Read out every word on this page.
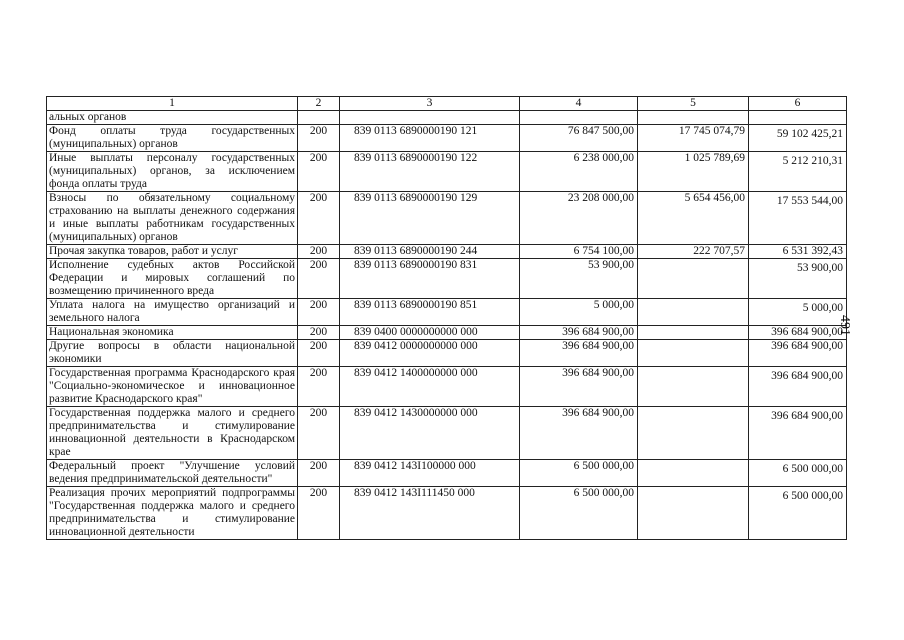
1	2	3	4	5	6
альных органов					
Фонд оплаты труда государственных (муниципальных) органов	200	839 0113 6890000190 121	76 847 500,00	17 745 074,79	59 102 425,21
Иные выплаты персоналу государственных (муниципальных) органов, за исключением фонда оплаты труда	200	839 0113 6890000190 122	6 238 000,00	1 025 789,69	5 212 210,31
Взносы по обязательному социальному страхованию на выплаты денежного содержания и иные выплаты работникам государственных (муниципальных) органов	200	839 0113 6890000190 129	23 208 000,00	5 654 456,00	17 553 544,00
Прочая закупка товаров, работ и услуг	200	839 0113 6890000190 244	6 754 100,00	222 707,57	6 531 392,43
Исполнение судебных актов Российской Федерации и мировых соглашений по возмещению причиненного вреда	200	839 0113 6890000190 831	53 900,00		53 900,00
Уплата налога на имущество организаций и земельного налога	200	839 0113 6890000190 851	5 000,00		5 000,00
Национальная экономика	200	839 0400 0000000000 000	396 684 900,00		396 684 900,00
Другие вопросы в области национальной экономики	200	839 0412 0000000000 000	396 684 900,00		396 684 900,00
Государственная программа Краснодарского края "Социально-экономическое и инновационное развитие Краснодарского края"	200	839 0412 1400000000 000	396 684 900,00		396 684 900,00
Государственная поддержка малого и среднего предпринимательства и стимулирование инновационной деятельности в Краснодарском крае	200	839 0412 1430000000 000	396 684 900,00		396 684 900,00
Федеральный проект "Улучшение условий ведения предпринимательской деятельности"	200	839 0412 143I100000 000	6 500 000,00		6 500 000,00
Реализация прочих мероприятий подпрограммы "Государственная поддержка малого и среднего предпринимательства и стимулирование инновационной деятельности	200	839 0412 143I111450 000	6 500 000,00		6 500 000,00
491
